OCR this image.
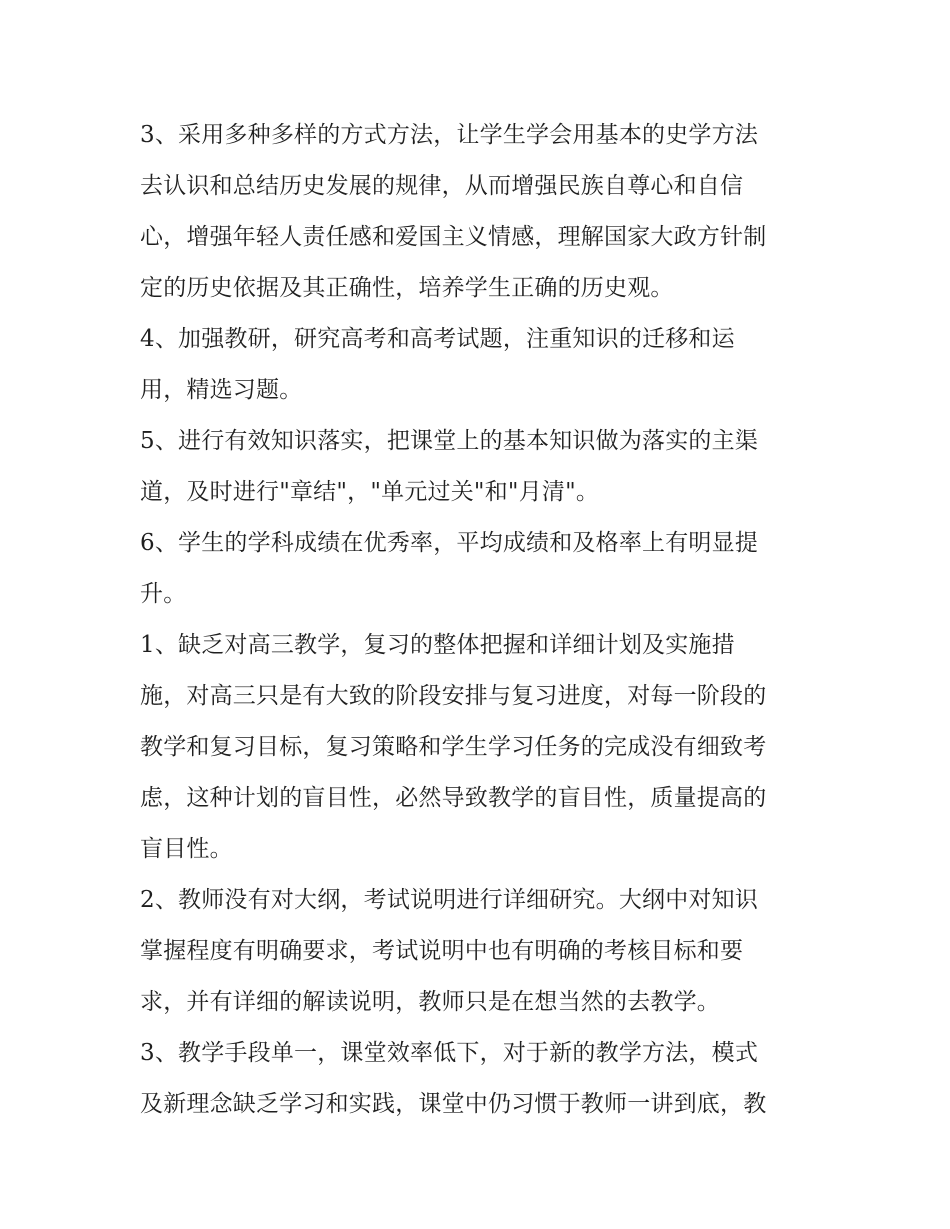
3、采用多种多样的方式方法，让学生学会用基本的史学方法
去认识和总结历史发展的规律，从而增强民族自尊心和自信
心，增强年轻人责任感和爱国主义情感，理解国家大政方针制
定的历史依据及其正确性，培养学生正确的历史观。
4、加强教研，研究高考和高考试题，注重知识的迁移和运
用，精选习题。
5、进行有效知识落实，把课堂上的基本知识做为落实的主渠
道，及时进行"章结"，"单元过关"和"月清"。
6、学生的学科成绩在优秀率，平均成绩和及格率上有明显提
升。
1、缺乏对高三教学，复习的整体把握和详细计划及实施措
施，对高三只是有大致的阶段安排与复习进度，对每一阶段的
教学和复习目标，复习策略和学生学习任务的完成没有细致考
虑，这种计划的盲目性，必然导致教学的盲目性，质量提高的
盲目性。
2、教师没有对大纲，考试说明进行详细研究。大纲中对知识
掌握程度有明确要求，考试说明中也有明确的考核目标和要
求，并有详细的解读说明，教师只是在想当然的去教学。
3、教学手段单一，课堂效率低下，对于新的教学方法，模式
及新理念缺乏学习和实践，课堂中仍习惯于教师一讲到底，教
